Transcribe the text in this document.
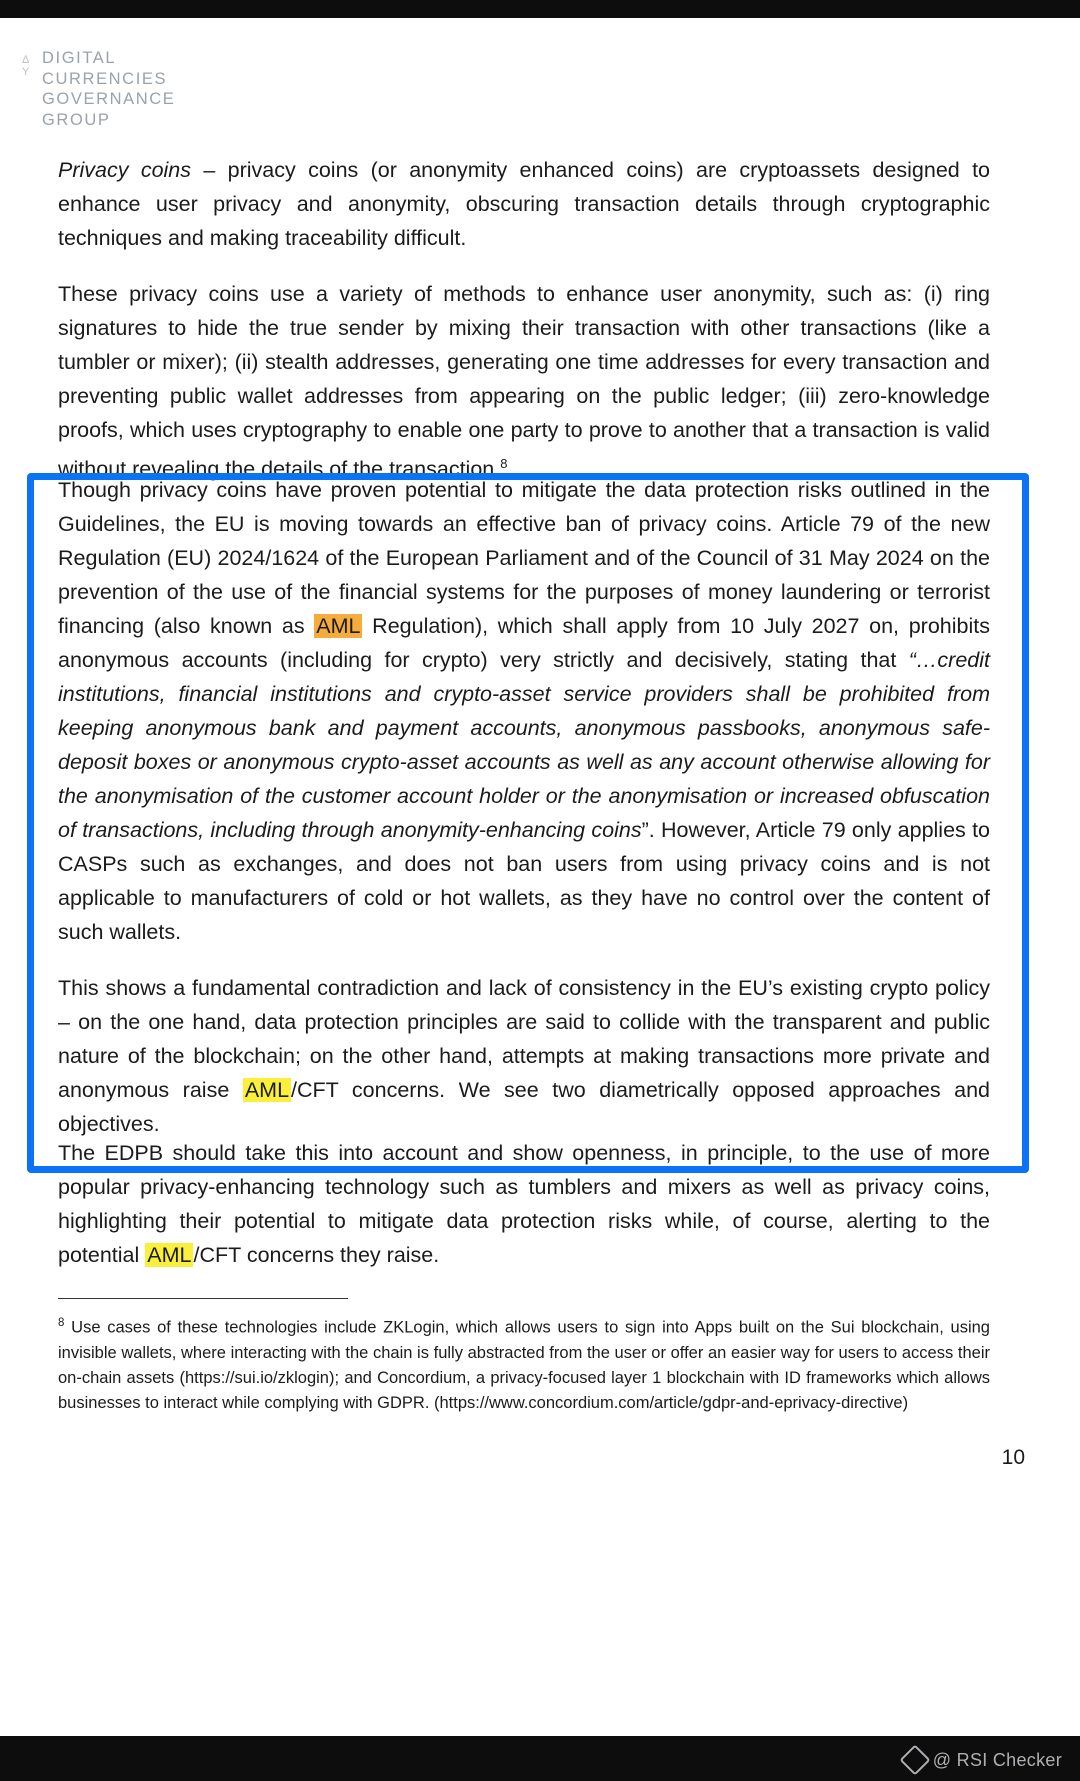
Δ
Υ
DIGITAL
CURRENCIES
GOVERNANCE
GROUP

Privacy coins – privacy coins (or anonymity enhanced coins) are cryptoassets designed to enhance user privacy and anonymity, obscuring transaction details through cryptographic techniques and making traceability difficult.

These privacy coins use a variety of methods to enhance user anonymity, such as: (i) ring signatures to hide the true sender by mixing their transaction with other transactions (like a tumbler or mixer); (ii) stealth addresses, generating one time addresses for every transaction and preventing public wallet addresses from appearing on the public ledger; (iii) zero-knowledge proofs, which uses cryptography to enable one party to prove to another that a transaction is valid without revealing the details of the transaction.$^8$

Though privacy coins have proven potential to mitigate the data protection risks outlined in the Guidelines, the EU is moving towards an effective ban of privacy coins. Article 79 of the new Regulation (EU) 2024/1624 of the European Parliament and of the Council of 31 May 2024 on the prevention of the use of the financial systems for the purposes of money laundering or terrorist financing (also known as AML Regulation), which shall apply from 10 July 2027 on, prohibits anonymous accounts (including for crypto) very strictly and decisively, stating that “…credit institutions, financial institutions and crypto-asset service providers shall be prohibited from keeping anonymous bank and payment accounts, anonymous passbooks, anonymous safe-deposit boxes or anonymous crypto-asset accounts as well as any account otherwise allowing for the anonymisation of the customer account holder or the anonymisation or increased obfuscation of transactions, including through anonymity-enhancing coins”. However, Article 79 only applies to CASPs such as exchanges, and does not ban users from using privacy coins and is not applicable to manufacturers of cold or hot wallets, as they have no control over the content of such wallets.

This shows a fundamental contradiction and lack of consistency in the EU’s existing crypto policy – on the one hand, data protection principles are said to collide with the transparent and public nature of the blockchain; on the other hand, attempts at making transactions more private and anonymous raise AML/CFT concerns. We see two diametrically opposed approaches and objectives.

The EDPB should take this into account and show openness, in principle, to the use of more popular privacy-enhancing technology such as tumblers and mixers as well as privacy coins, highlighting their potential to mitigate data protection risks while, of course, alerting to the potential AML/CFT concerns they raise.

$^8$ Use cases of these technologies include ZKLogin, which allows users to sign into Apps built on the Sui blockchain, using invisible wallets, where interacting with the chain is fully abstracted from the user or offer an easier way for users to access their on-chain assets (https://sui.io/zklogin); and Concordium, a privacy-focused layer 1 blockchain with ID frameworks which allows businesses to interact while complying with GDPR. (https://www.concordium.com/article/gdpr-and-eprivacy-directive)
10
@ RSI Checker
